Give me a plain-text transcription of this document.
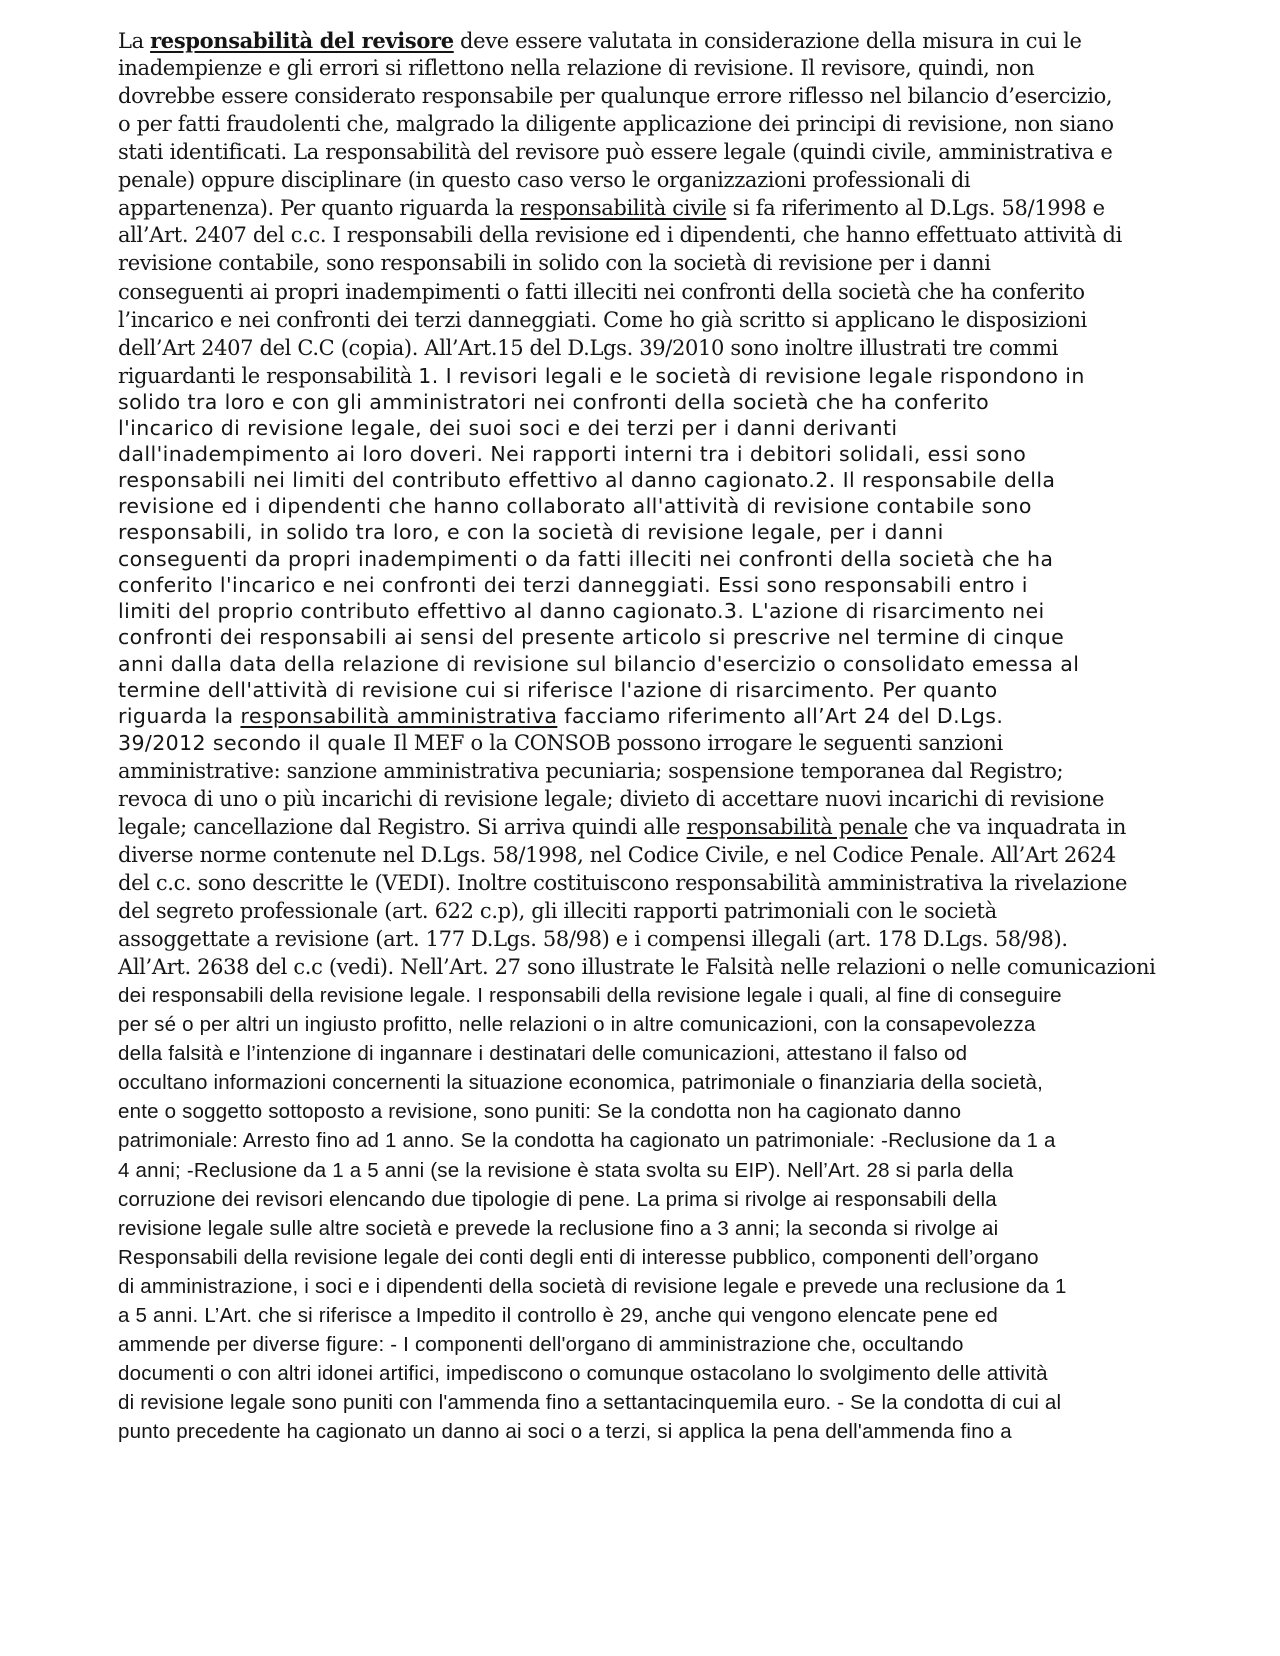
La responsabilità del revisore deve essere valutata in considerazione della misura in cui le

inadempienze e gli errori si riflettono nella relazione di revisione. Il revisore, quindi, non

dovrebbe essere considerato responsabile per qualunque errore riflesso nel bilancio d’esercizio,

o per fatti fraudolenti che, malgrado la diligente applicazione dei principi di revisione, non siano

stati identificati. La responsabilità del revisore può essere legale (quindi civile, amministrativa e

penale) oppure disciplinare (in questo caso verso le organizzazioni professionali di

appartenenza). Per quanto riguarda la responsabilità civile si fa riferimento al D.Lgs. 58/1998 e

all’Art. 2407 del c.c. I responsabili della revisione ed i dipendenti, che hanno effettuato attività di

revisione contabile, sono responsabili in solido con la società di revisione per i danni

conseguenti ai propri inadempimenti o fatti illeciti nei confronti della società che ha conferito

l’incarico e nei confronti dei terzi danneggiati. Come ho già scritto si applicano le disposizioni

dell’Art 2407 del C.C (copia). All’Art.15 del D.Lgs. 39/2010 sono inoltre illustrati tre commi

riguardanti le responsabilità 1. I revisori legali e le società di revisione legale rispondono in

solido tra loro e con gli amministratori nei confronti della società che ha conferito

l'incarico di revisione legale, dei suoi soci e dei terzi per i danni derivanti

dall'inadempimento ai loro doveri. Nei rapporti interni tra i debitori solidali, essi sono

responsabili nei limiti del contributo effettivo al danno cagionato.2. Il responsabile della

revisione ed i dipendenti che hanno collaborato all'attività di revisione contabile sono

responsabili, in solido tra loro, e con la società di revisione legale, per i danni

conseguenti da propri inadempimenti o da fatti illeciti nei confronti della società che ha

conferito l'incarico e nei confronti dei terzi danneggiati. Essi sono responsabili entro i

limiti del proprio contributo effettivo al danno cagionato.3. L'azione di risarcimento nei

confronti dei responsabili ai sensi del presente articolo si prescrive nel termine di cinque

anni dalla data della relazione di revisione sul bilancio d'esercizio o consolidato emessa al

termine dell'attività di revisione cui si riferisce l'azione di risarcimento. Per quanto

riguarda la responsabilità amministrativa facciamo riferimento all’Art 24 del D.Lgs.

39/2012 secondo il quale Il MEF o la CONSOB possono irrogare le seguenti sanzioni

amministrative: sanzione amministrativa pecuniaria; sospensione temporanea dal Registro;

revoca di uno o più incarichi di revisione legale; divieto di accettare nuovi incarichi di revisione

legale; cancellazione dal Registro. Si arriva quindi alle responsabilità penale che va inquadrata in

diverse norme contenute nel D.Lgs. 58/1998, nel Codice Civile, e nel Codice Penale. All’Art 2624

del c.c. sono descritte le (VEDI). Inoltre costituiscono responsabilità amministrativa la rivelazione

del segreto professionale (art. 622 c.p), gli illeciti rapporti patrimoniali con le società

assoggettate a revisione (art. 177 D.Lgs. 58/98) e i compensi illegali (art. 178 D.Lgs. 58/98).

All’Art. 2638 del c.c (vedi). Nell’Art. 27 sono illustrate le Falsità nelle relazioni o nelle comunicazioni

dei responsabili della revisione legale. I responsabili della revisione legale i quali, al fine di conseguire

per sé o per altri un ingiusto profitto, nelle relazioni o in altre comunicazioni, con la consapevolezza

della falsità e l’intenzione di ingannare i destinatari delle comunicazioni, attestano il falso od

occultano informazioni concernenti la situazione economica, patrimoniale o finanziaria della società,

ente o soggetto sottoposto a revisione, sono puniti: Se la condotta non ha cagionato danno

patrimoniale: Arresto fino ad 1 anno. Se la condotta ha cagionato un patrimoniale: -Reclusione da 1 a

4 anni; -Reclusione da 1 a 5 anni (se la revisione è stata svolta su EIP). Nell’Art. 28 si parla della

corruzione dei revisori elencando due tipologie di pene. La prima si rivolge ai responsabili della

revisione legale sulle altre società e prevede la reclusione fino a 3 anni; la seconda si rivolge ai

Responsabili della revisione legale dei conti degli enti di interesse pubblico, componenti dell’organo

di amministrazione, i soci e i dipendenti della società di revisione legale e prevede una reclusione da 1

a 5 anni. L’Art. che si riferisce a Impedito il controllo è 29, anche qui vengono elencate pene ed

ammende per diverse figure: - I componenti dell'organo di amministrazione che, occultando

documenti o con altri idonei artifici, impediscono o comunque ostacolano lo svolgimento delle attività

di revisione legale sono puniti con l'ammenda fino a settantacinquemila euro. - Se la condotta di cui al

punto precedente ha cagionato un danno ai soci o a terzi, si applica la pena dell'ammenda fino a
